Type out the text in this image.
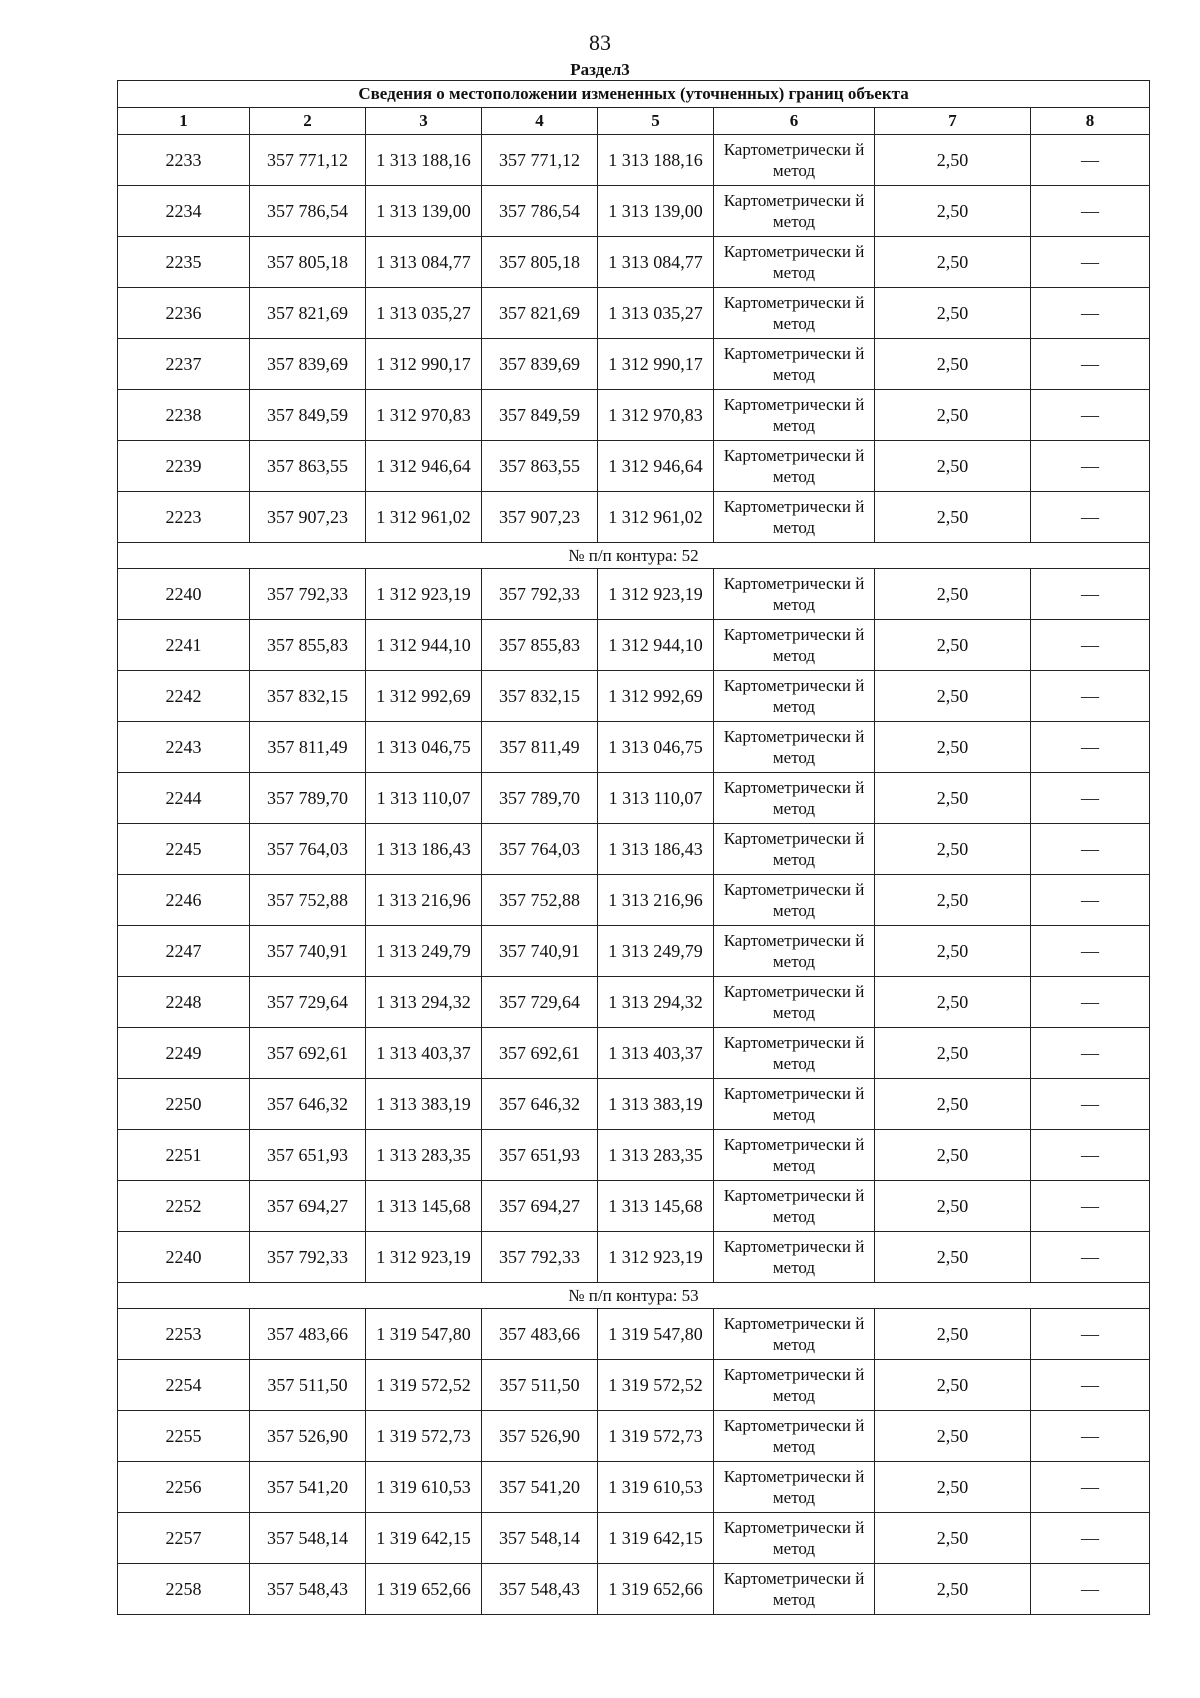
83
Раздел3
Сведения о местоположении измененных (уточненных) границ объекта							
1	2	3	4	5	6	7	8
2233	357 771,12	1 313 188,16	357 771,12	1 313 188,16	Картометрически й метод	2,50	—
2234	357 786,54	1 313 139,00	357 786,54	1 313 139,00	Картометрически й метод	2,50	—
2235	357 805,18	1 313 084,77	357 805,18	1 313 084,77	Картометрически й метод	2,50	—
2236	357 821,69	1 313 035,27	357 821,69	1 313 035,27	Картометрически й метод	2,50	—
2237	357 839,69	1 312 990,17	357 839,69	1 312 990,17	Картометрически й метод	2,50	—
2238	357 849,59	1 312 970,83	357 849,59	1 312 970,83	Картометрически й метод	2,50	—
2239	357 863,55	1 312 946,64	357 863,55	1 312 946,64	Картометрически й метод	2,50	—
2223	357 907,23	1 312 961,02	357 907,23	1 312 961,02	Картометрически й метод	2,50	—
№ п/п контура: 52							
2240	357 792,33	1 312 923,19	357 792,33	1 312 923,19	Картометрически й метод	2,50	—
2241	357 855,83	1 312 944,10	357 855,83	1 312 944,10	Картометрически й метод	2,50	—
2242	357 832,15	1 312 992,69	357 832,15	1 312 992,69	Картометрически й метод	2,50	—
2243	357 811,49	1 313 046,75	357 811,49	1 313 046,75	Картометрически й метод	2,50	—
2244	357 789,70	1 313 110,07	357 789,70	1 313 110,07	Картометрически й метод	2,50	—
2245	357 764,03	1 313 186,43	357 764,03	1 313 186,43	Картометрически й метод	2,50	—
2246	357 752,88	1 313 216,96	357 752,88	1 313 216,96	Картометрически й метод	2,50	—
2247	357 740,91	1 313 249,79	357 740,91	1 313 249,79	Картометрически й метод	2,50	—
2248	357 729,64	1 313 294,32	357 729,64	1 313 294,32	Картометрически й метод	2,50	—
2249	357 692,61	1 313 403,37	357 692,61	1 313 403,37	Картометрически й метод	2,50	—
2250	357 646,32	1 313 383,19	357 646,32	1 313 383,19	Картометрически й метод	2,50	—
2251	357 651,93	1 313 283,35	357 651,93	1 313 283,35	Картометрически й метод	2,50	—
2252	357 694,27	1 313 145,68	357 694,27	1 313 145,68	Картометрически й метод	2,50	—
2240	357 792,33	1 312 923,19	357 792,33	1 312 923,19	Картометрически й метод	2,50	—
№ п/п контура: 53							
2253	357 483,66	1 319 547,80	357 483,66	1 319 547,80	Картометрически й метод	2,50	—
2254	357 511,50	1 319 572,52	357 511,50	1 319 572,52	Картометрически й метод	2,50	—
2255	357 526,90	1 319 572,73	357 526,90	1 319 572,73	Картометрически й метод	2,50	—
2256	357 541,20	1 319 610,53	357 541,20	1 319 610,53	Картометрически й метод	2,50	—
2257	357 548,14	1 319 642,15	357 548,14	1 319 642,15	Картометрически й метод	2,50	—
2258	357 548,43	1 319 652,66	357 548,43	1 319 652,66	Картометрически й метод	2,50	—
